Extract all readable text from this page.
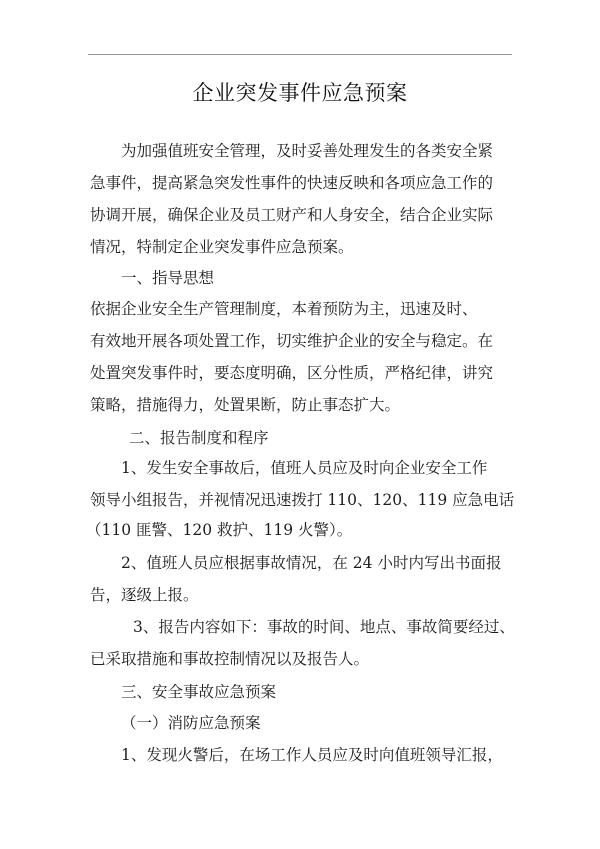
企业突发事件应急预案
为加强值班安全管理，及时妥善处理发生的各类安全紧
急事件，提高紧急突发性事件的快速反映和各项应急工作的
协调开展，确保企业及员工财产和人身安全，结合企业实际
情况，特制定企业突发事件应急预案。
一、指导思想
依据企业安全生产管理制度，本着预防为主，迅速及时、
有效地开展各项处置工作，切实维护企业的安全与稳定。在
处置突发事件时，要态度明确，区分性质，严格纪律，讲究
策略，措施得力，处置果断，防止事态扩大。
二、报告制度和程序
1、发生安全事故后，值班人员应及时向企业安全工作
领导小组报告，并视情况迅速拨打 110、120、119 应急电话
（110 匪警、120 救护、119 火警）。
2、值班人员应根据事故情况，在 24 小时内写出书面报
告，逐级上报。
3、报告内容如下：事故的时间、地点、事故简要经过、
已采取措施和事故控制情况以及报告人。
三、安全事故应急预案
（一）消防应急预案
1、发现火警后，在场工作人员应及时向值班领导汇报，
